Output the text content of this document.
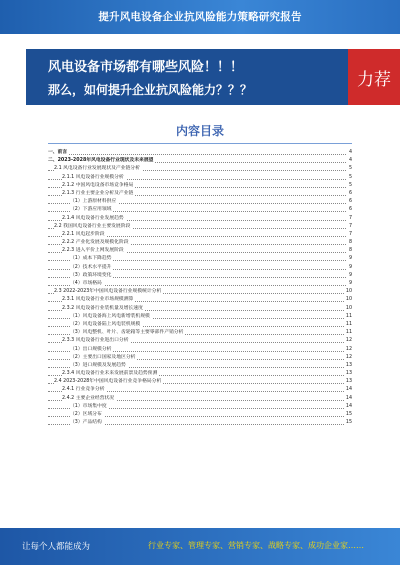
提升风电设备企业抗风险能力策略研究报告
风电设备市场都有哪些风险！！！
那么，如何提升企业抗风险能力？？？
力荐
内容目录
一、前言	4
二、2023-2028年风电设备行业现状及未来展望	4
2.1 风电设备行业发展现状及产业链分析	5
2.1.1 风电设备行业规模分析	5
2.1.2 中国风电设备市场竞争格局	5
2.1.3 行业主要企业分析及产业链	6
（1）上游原材料供应	6
（2）下游应用领域	6
2.1.4 风电设备行业发展趋势	7
2.2 我国风电设备行业主要发展阶段	7
2.2.1 风电起步阶段	7
2.2.2 产业化发展及规模化阶段	8
2.2.3 进入平价上网发展阶段	8
（1）成本下降趋势	9
（2）技术水平提升	9
（3）政策环境变化	9
（4）市场格局	9
2.3 2022-2023年中国风电设备行业规模统计分析	10
2.3.1 风电设备行业市场规模测算	10
2.3.2 风电设备行业装机量及增长速度	10
（1）风电设备海上风电新增装机规模	11
（2）风电设备陆上风电装机规模	11
（3）风电整机、叶片、齿轮箱等主要零部件产销分析	11
2.3.3 风电设备行业进出口分析	12
（1）出口规模分析	12
（2）主要出口国家及地区分析	12
（3）进口规模及发展趋势	13
2.3.4 风电设备行业未来发展前景及趋势预测	13
2.4 2023-2028年中国风电设备行业竞争格局分析	13
2.4.1 行业竞争分析	14
2.4.2 主要企业经营状况	14
（1）市场集中度	14
（2）区域分布	15
（3）产品结构	15
让每个人都能成为	行业专家、管理专家、营销专家、战略专家、成功企业家……
